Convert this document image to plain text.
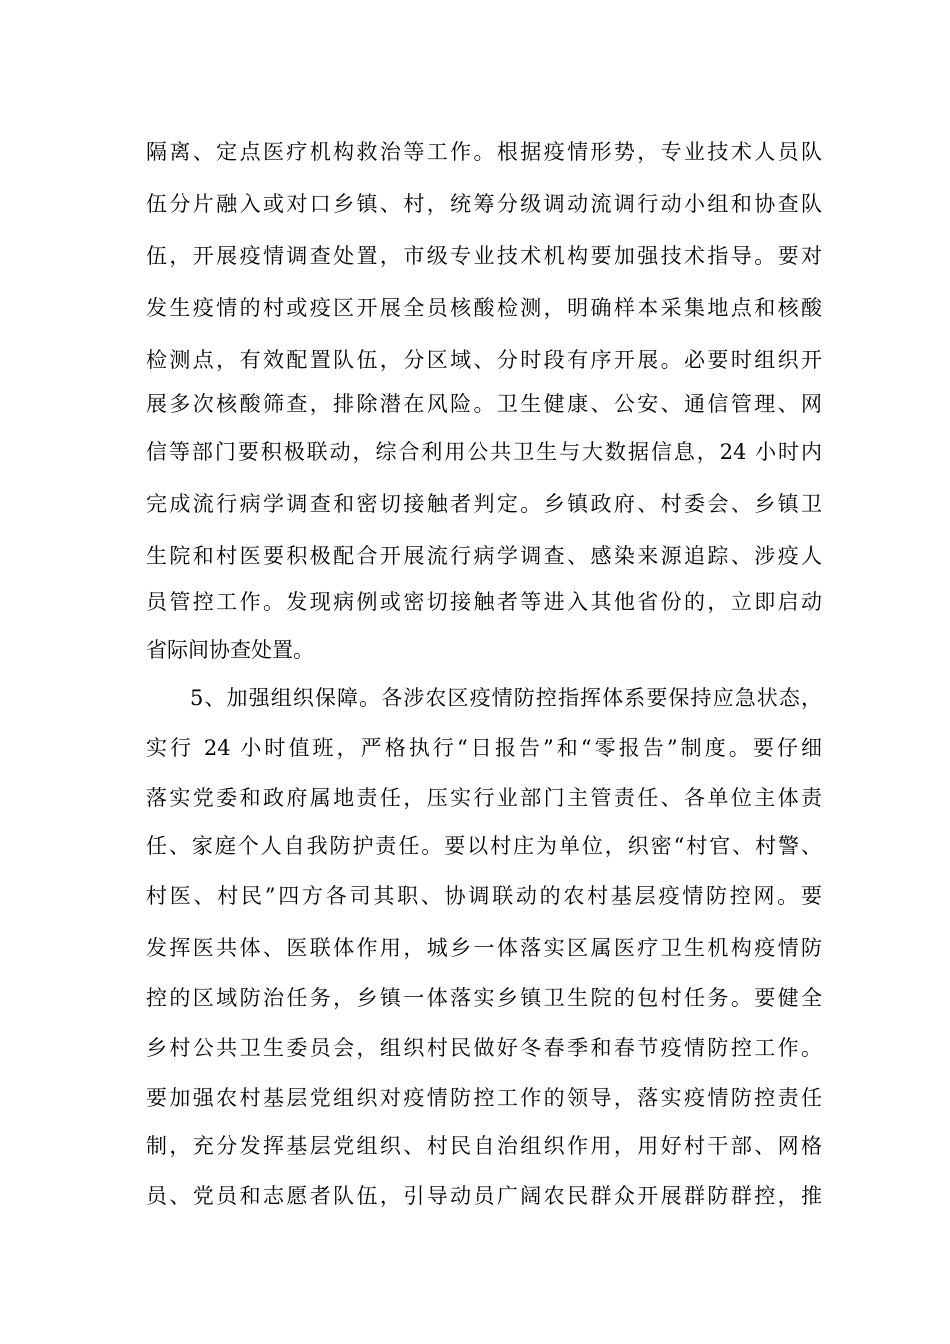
隔离、定点医疗机构救治等工作。根据疫情形势，专业技术人员队
伍分片融入或对口乡镇、村，统筹分级调动流调行动小组和协查队
伍，开展疫情调查处置，市级专业技术机构要加强技术指导。要对
发生疫情的村或疫区开展全员核酸检测，明确样本采集地点和核酸
检测点，有效配置队伍，分区域、分时段有序开展。必要时组织开
展多次核酸筛查，排除潜在风险。卫生健康、公安、通信管理、网
信等部门要积极联动，综合利用公共卫生与大数据信息，24 小时内
完成流行病学调查和密切接触者判定。乡镇政府、村委会、乡镇卫
生院和村医要积极配合开展流行病学调查、感染来源追踪、涉疫人
员管控工作。发现病例或密切接触者等进入其他省份的，立即启动
省际间协查处置。
5、加强组织保障。各涉农区疫情防控指挥体系要保持应急状态，
实行 24 小时值班，严格执行“日报告”和“零报告”制度。要仔细
落实党委和政府属地责任，压实行业部门主管责任、各单位主体责
任、家庭个人自我防护责任。要以村庄为单位，织密“村官、村警、
村医、村民”四方各司其职、协调联动的农村基层疫情防控网。要
发挥医共体、医联体作用，城乡一体落实区属医疗卫生机构疫情防
控的区域防治任务，乡镇一体落实乡镇卫生院的包村任务。要健全
乡村公共卫生委员会，组织村民做好冬春季和春节疫情防控工作。
要加强农村基层党组织对疫情防控工作的领导，落实疫情防控责任
制，充分发挥基层党组织、村民自治组织作用，用好村干部、网格
员、党员和志愿者队伍，引导动员广阔农民群众开展群防群控，推
